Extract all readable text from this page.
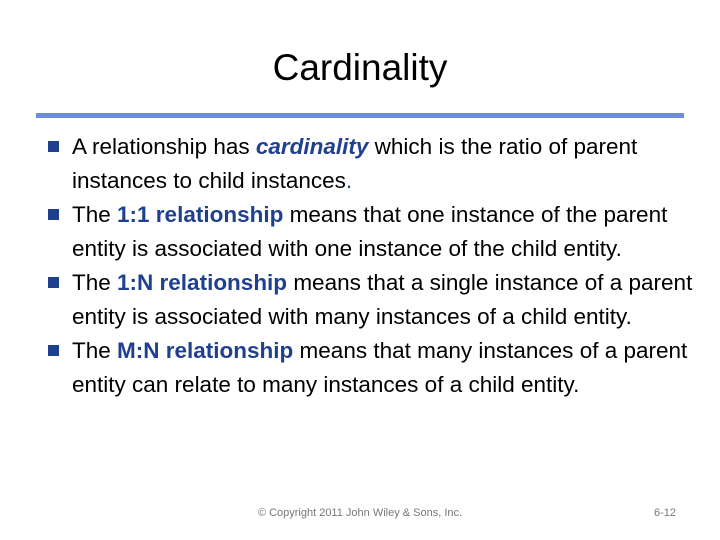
Cardinality
A relationship has cardinality which is the ratio of parent instances to child instances.
The 1:1 relationship means that one instance of the parent entity is associated with one instance of the child entity.
The 1:N relationship means that a single instance of a parent entity is associated with many instances of a child entity.
The M:N relationship means that many instances of a parent entity can relate to many instances of a child entity.
© Copyright 2011 John Wiley & Sons, Inc.	6-12
